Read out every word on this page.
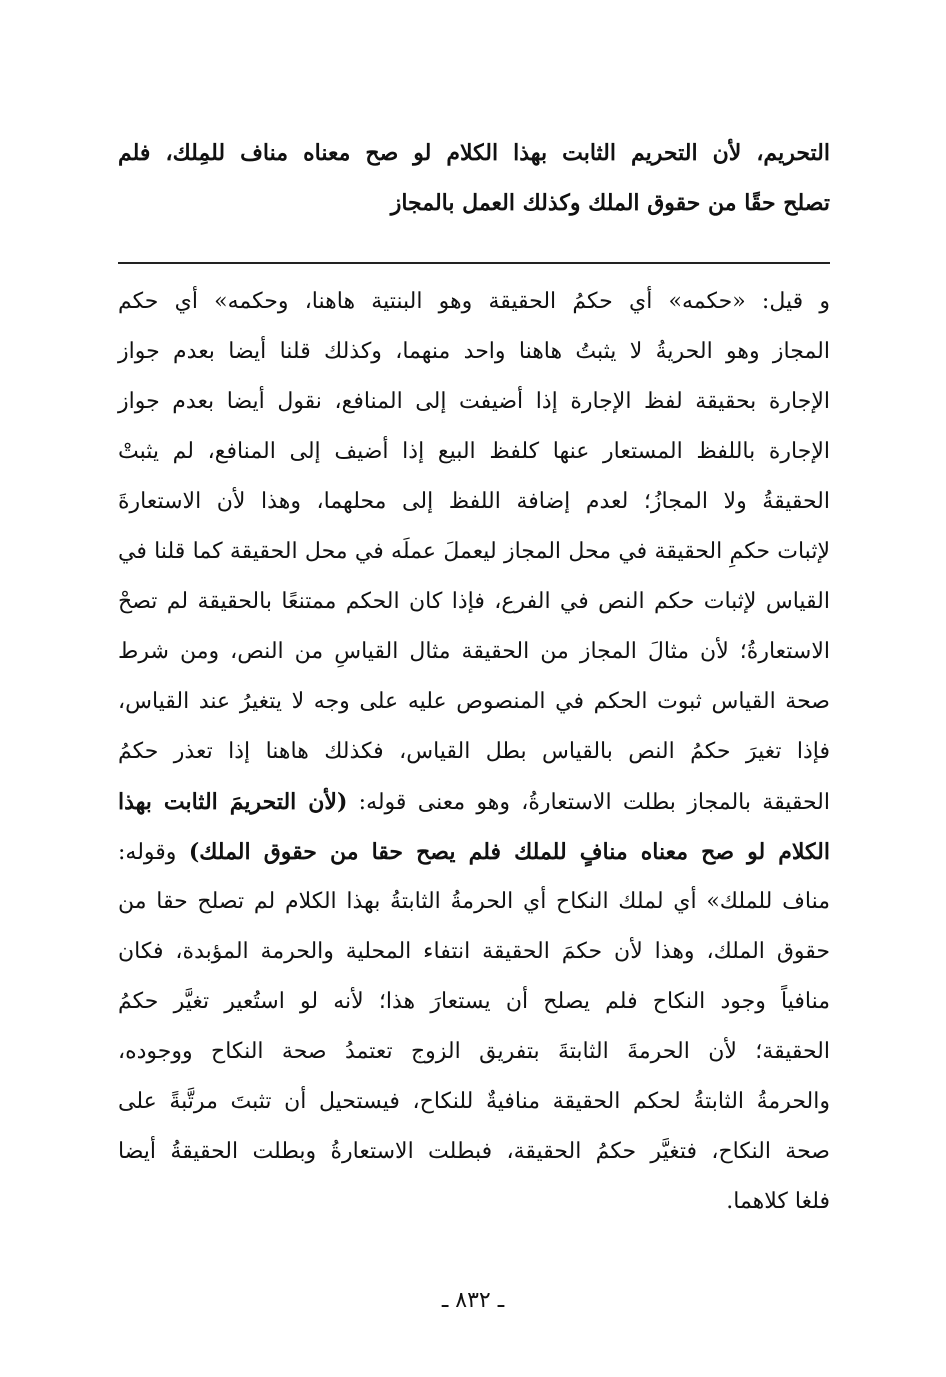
التحريم، لأن التحريم الثابت بهذا الكلام لو صح معناه مناف للمِلك، فلم
تصلح حقًا من حقوق الملك وكذلك العمل بالمجاز
و قيل: «حكمه» أي حكمُ الحقيقة وهو البنتية هاهنا، وحكمه» أي حكم
المجاز وهو الحريةُ لا يثبتُ هاهنا واحد منهما، وكذلك قلنا أيضا بعدم جواز
الإجارة بحقيقة لفظ الإجارة إذا أضيفت إلى المنافع، نقول أيضا بعدم جواز
الإجارة باللفظ المستعار عنها كلفظ البيع إذا أضيف إلى المنافع، لم يثبتْ
الحقيقةُ ولا المجازُ؛ لعدم إضافة اللفظ إلى محلهما، وهذا لأن الاستعارةَ
لإثبات حكمِ الحقيقة في محل المجاز ليعملَ عملَه في محل الحقيقة كما قلنا في
القياس لإثبات حكم النص في الفرع، فإذا كان الحكم ممتنعًا بالحقيقة لم تصحْ
الاستعارةُ؛ لأن مثالَ المجاز من الحقيقة مثال القياسِ من النص، ومن شرط
صحة القياس ثبوت الحكم في المنصوص عليه على وجه لا يتغيرُ عند القياس،
فإذا تغيرَ حكمُ النص بالقياس بطل القياس، فكذلك هاهنا إذا تعذر حكمُ
الحقيقة بالمجاز بطلت الاستعارةُ، وهو معنى قوله: (لأن التحريمَ الثابت بهذا
الكلام لو صح معناه منافٍ للملك فلم يصح حقا من حقوق الملك) وقوله:
مناف للملك» أي لملك النكاح أي الحرمةُ الثابتةُ بهذا الكلام لم تصلح حقا من
حقوق الملك، وهذا لأن حكمَ الحقيقة انتفاء المحلية والحرمة المؤبدة، فكان
منافياً وجود النكاح فلم يصلح أن يستعارَ هذا؛ لأنه لو استُعير تغيَّر حكمُ
الحقيقة؛ لأن الحرمةَ الثابتةَ بتفريق الزوج تعتمدُ صحة النكاح ووجوده،
والحرمةُ الثابتةُ لحكم الحقيقة منافيةٌ للنكاح، فيستحيل أن تثبتَ مرتَّبةً على
صحة النكاح، فتغيَّر حكمُ الحقيقة، فبطلت الاستعارةُ وبطلت الحقيقةُ أيضا
فلغا كلاهما.
ـ ٨٣٢ ـ
